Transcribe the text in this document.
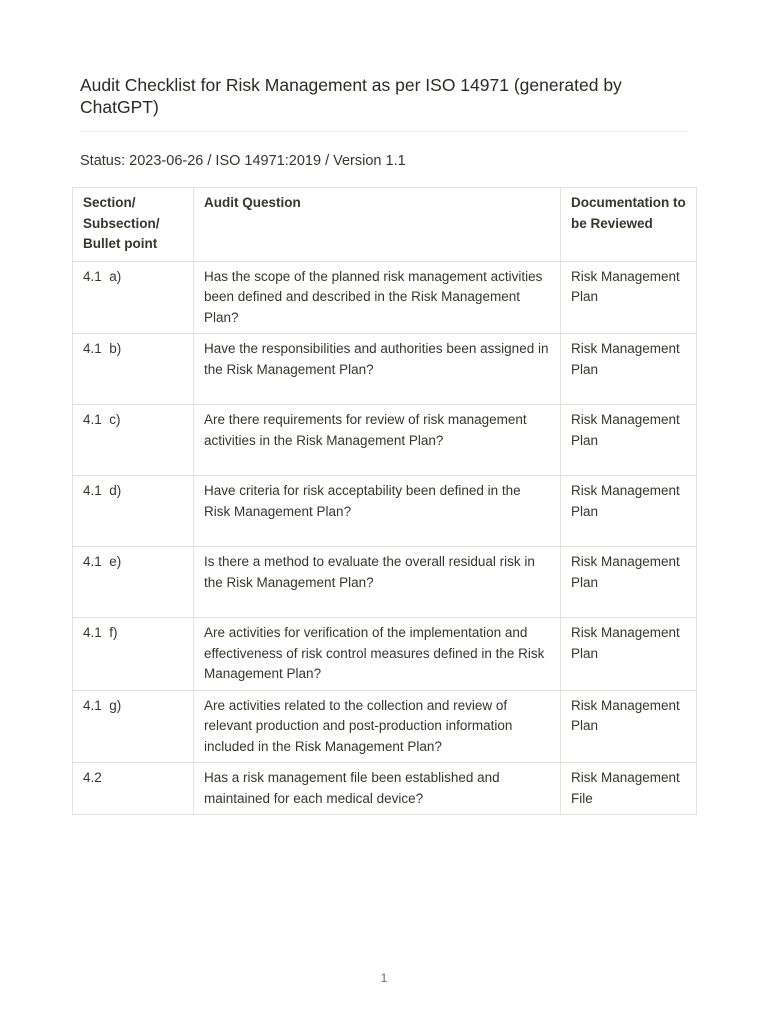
Audit Checklist for Risk Management as per ISO 14971 (generated by ChatGPT)
Status: 2023-06-26 / ISO 14971:2019 / Version 1.1
Section/ Subsection/ Bullet point	Audit Question	Documentation to be Reviewed
4.1  a)	Has the scope of the planned risk management activities been defined and described in the Risk Management Plan?	Risk Management Plan
4.1  b)	Have the responsibilities and authorities been assigned in the Risk Management Plan?	Risk Management Plan
4.1  c)	Are there requirements for review of risk management activities in the Risk Management Plan?	Risk Management Plan
4.1  d)	Have criteria for risk acceptability been defined in the Risk Management Plan?	Risk Management Plan
4.1  e)	Is there a method to evaluate the overall residual risk in the Risk Management Plan?	Risk Management Plan
4.1  f)	Are activities for verification of the implementation and effectiveness of risk control measures defined in the Risk Management Plan?	Risk Management Plan
4.1  g)	Are activities related to the collection and review of relevant production and post-production information included in the Risk Management Plan?	Risk Management Plan
4.2	Has a risk management file been established and maintained for each medical device?	Risk Management File
1
